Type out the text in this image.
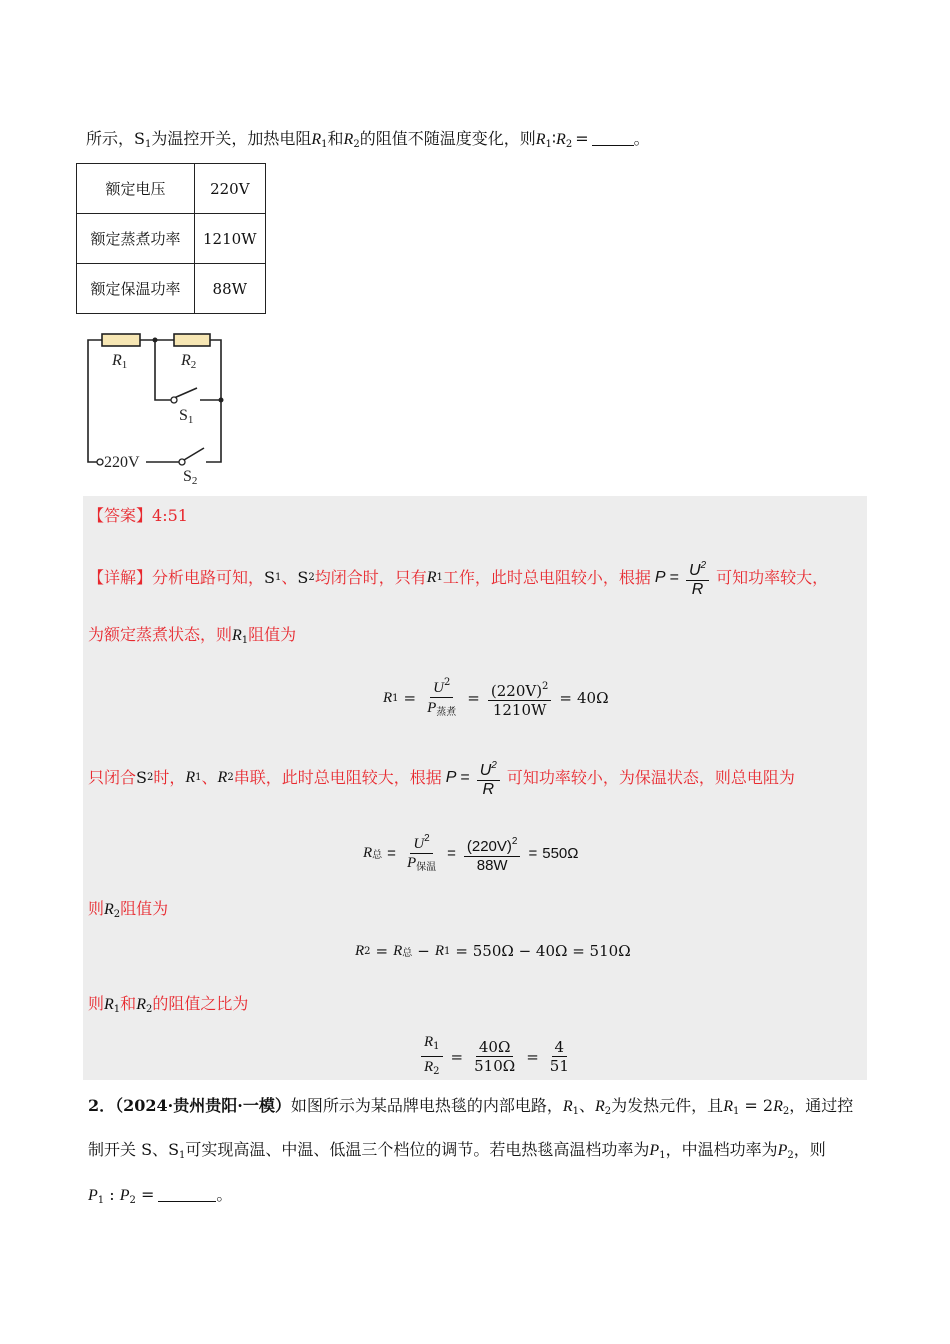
所示，S1为温控开关，加热电阻R1和R2的阻值不随温度变化，则R1∶R2 =	。
额定电压	220V
额定蒸煮功率	1210W
额定保温功率	88W
R1	R2
S1
220V
S2
【答案】4:51
【详解】 分析电路可知， S 1 、 S 2 均闭合时，只有 R 1 工作，此时总电阻较小，根据 $P = \frac{U^2}{R}$ 可知功率较大，
为额定蒸煮状态，则R1阻值为
R $1 = \frac{U^2}{P_{蒸煮}} = \frac{(220V)^2}{1210W} = 40\Omega$
只闭合 S 2 时， R 1 、 R 2 串联，此时总电阻较大，根据 $P = \frac{U^2}{R}$ 可知功率较小，为保温状态，则总电阻为
R 总 = $\frac{U^2}{P_{保温}} = \frac{(220V)^2}{88W} = 550\Omega$
则R2阻值为
R 2 = R 总 − R 1 = 550Ω − 40Ω = 510Ω
则R1和R2的阻值之比为
$\frac{R_1}{R_2} = \frac{40\Omega}{510\Omega} = \frac{4}{51}$
2．（2024·贵州贵阳·一模）如图所示为某品牌电热毯的内部电路，R1、R2为发热元件，且R1 = 2R2，通过控
制开关 S、S1可实现高温、中温、低温三个档位的调节。若电热毯高温档功率为P1，中温档功率为P2，则
P1 : P2 =	。
